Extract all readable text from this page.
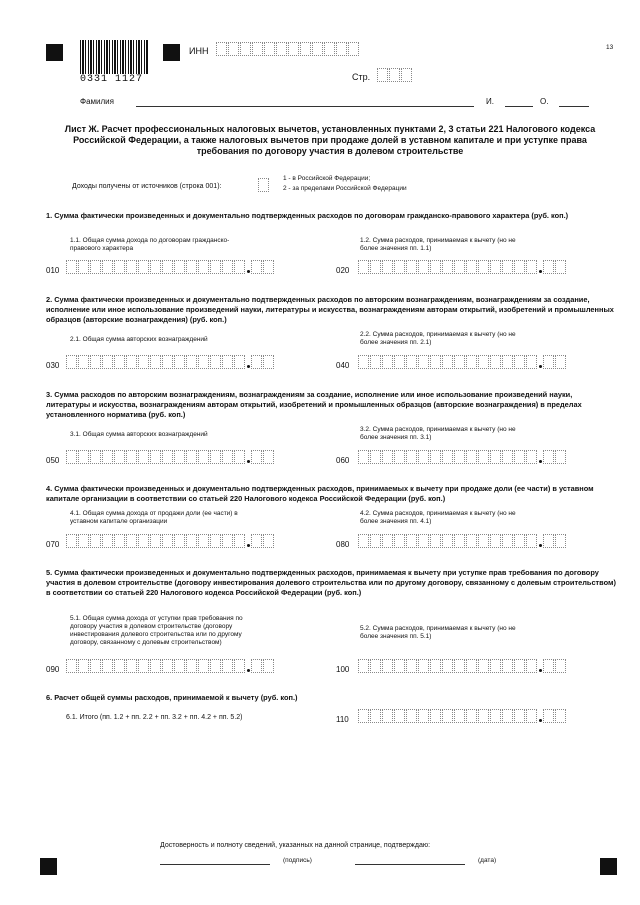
0331 1127
13
ИНН
Стр.
Фамилия	И.	О.
Лист Ж. Расчет профессиональных налоговых вычетов, установленных пунктами 2, 3 статьи 221 Налогового кодекса Российской Федерации, а также налоговых вычетов при продаже долей в уставном капитале и при уступке права требования по договору участия в долевом строительстве
Доходы получены от источников (строка 001):
1 - в Российской Федерации;
2 - за пределами Российской Федерации
1. Сумма фактически произведенных и документально подтвержденных расходов по договорам гражданско-правового характера (руб. коп.)
1.1. Общая сумма дохода по договорам гражданско-правового характера
1.2. Сумма расходов, принимаемая к вычету (но не более значения пп. 1.1)
010	020
2. Сумма фактически произведенных и документально подтвержденных расходов по авторским вознаграждениям, вознаграждениям за создание, исполнение или иное использование произведений науки, литературы и искусства, вознаграждениям авторам открытий, изобретений и промышленных образцов (авторские вознаграждения) (руб. коп.)
2.1. Общая сумма авторских вознаграждений
2.2. Сумма расходов, принимаемая к вычету (но не более значения пп. 2.1)
030	040
3. Сумма расходов по авторским вознаграждениям, вознаграждениям за создание, исполнение или иное использование произведений науки, литературы и искусства, вознаграждениям авторам открытий, изобретений и промышленных образцов (авторские вознаграждения) в пределах установленного норматива (руб. коп.)
3.1. Общая сумма авторских вознаграждений
3.2. Сумма расходов, принимаемая к вычету (но не более значения пп. 3.1)
050	060
4. Сумма фактически произведенных и документально подтвержденных расходов, принимаемых к вычету при продаже доли (ее части) в уставном капитале организации в соответствии со статьей 220 Налогового кодекса Российской Федерации (руб. коп.)
4.1. Общая сумма дохода от продажи доли (ее части) в уставном капитале организации
4.2. Сумма расходов, принимаемая к вычету (но не более значения пп. 4.1)
070	080
5. Сумма фактически произведенных и документально подтвержденных расходов, принимаемая к вычету при уступке прав требования по договору участия в долевом строительстве (договору инвестирования долевого строительства или по другому договору, связанному с долевым строительством) в соответствии со статьей 220 Налогового кодекса Российской Федерации (руб. коп.)
5.1. Общая сумма дохода от уступки прав требования по договору участия в долевом строительстве (договору инвестирования долевого строительства или по другому договору, связанному с долевым строительством)
5.2. Сумма расходов, принимаемая к вычету (но не более значения пп. 5.1)
090	100
6. Расчет общей суммы расходов, принимаемой к вычету (руб. коп.)
6.1. Итого (пп. 1.2 + пп. 2.2 + пп. 3.2 + пп. 4.2 + пп. 5.2)	110
Достоверность и полноту сведений, указанных на данной странице, подтверждаю:
(подпись)	(дата)
